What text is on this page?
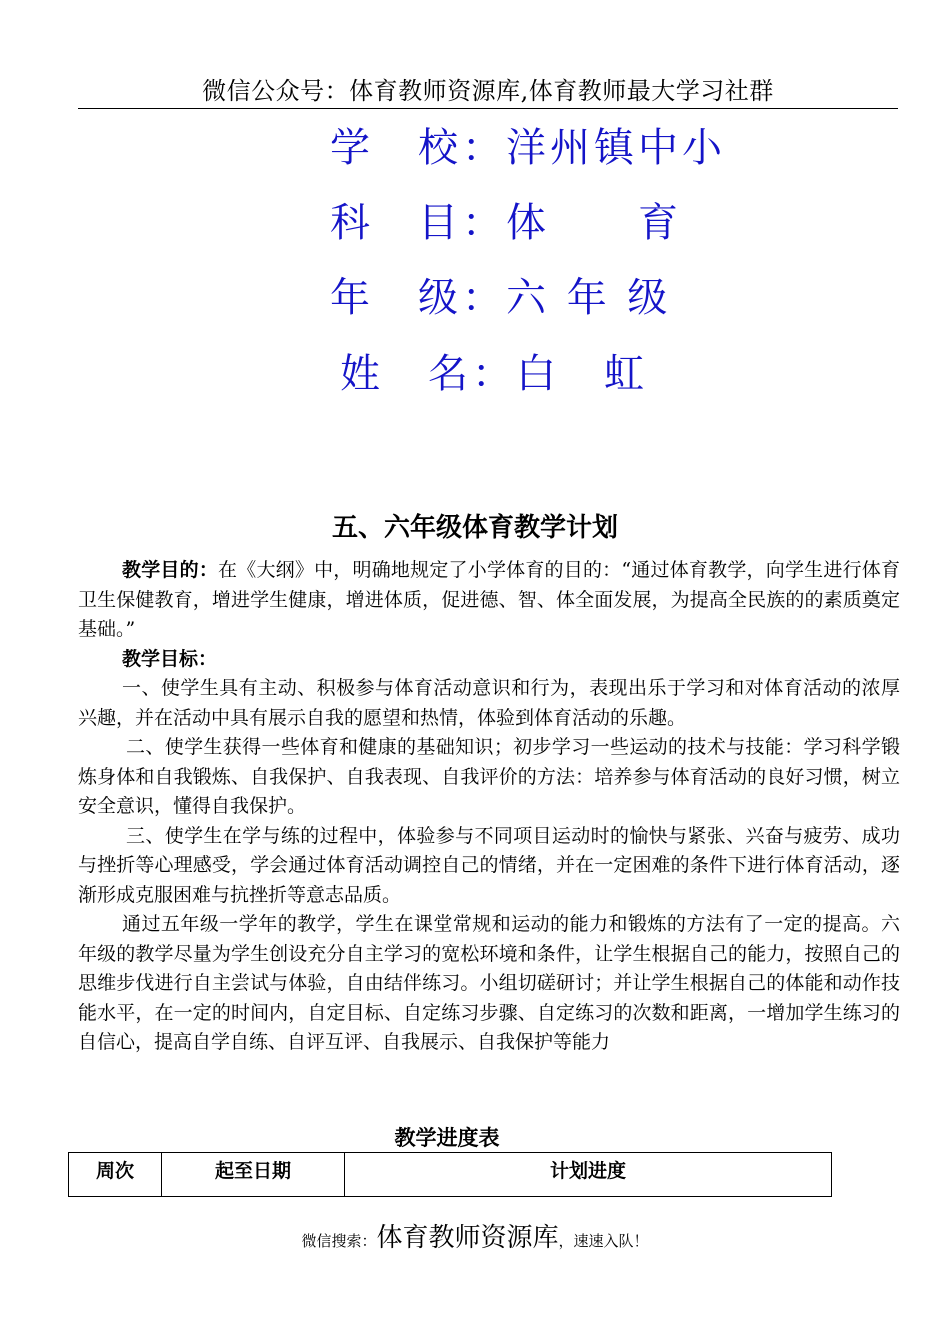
微信公众号：体育教师资源库,体育教师最大学习社群
学　校：洋州镇中小
科　目：体　　育
年　级：六 年 级
姓　名：白　虹
五、六年级体育教学计划

教学目的：在《大纲》中，明确地规定了小学体育的目的：“通过体育教学，向学生进行体育卫生保健教育，增进学生健康，增进体质，促进德、智、体全面发展，为提高全民族的的素质奠定基础。”

教学目标：

一、使学生具有主动、积极参与体育活动意识和行为，表现出乐于学习和对体育活动的浓厚兴趣，并在活动中具有展示自我的愿望和热情，体验到体育活动的乐趣。

二、使学生获得一些体育和健康的基础知识；初步学习一些运动的技术与技能：学习科学锻炼身体和自我锻炼、自我保护、自我表现、自我评价的方法：培养参与体育活动的良好习惯，树立安全意识，懂得自我保护。

三、使学生在学与练的过程中，体验参与不同项目运动时的愉快与紧张、兴奋与疲劳、成功与挫折等心理感受，学会通过体育活动调控自己的情绪，并在一定困难的条件下进行体育活动，逐渐形成克服困难与抗挫折等意志品质。

通过五年级一学年的教学，学生在课堂常规和运动的能力和锻炼的方法有了一定的提高。六年级的教学尽量为学生创设充分自主学习的宽松环境和条件，让学生根据自己的能力，按照自己的思维步伐进行自主尝试与体验，自由结伴练习。小组切磋研讨；并让学生根据自己的体能和动作技能水平，在一定的时间内，自定目标、自定练习步骤、自定练习的次数和距离，一增加学生练习的自信心，提高自学自练、自评互评、自我展示、自我保护等能力

教学进度表
周次	起至日期	计划进度
微信搜索：体育教师资源库，速速入队！
